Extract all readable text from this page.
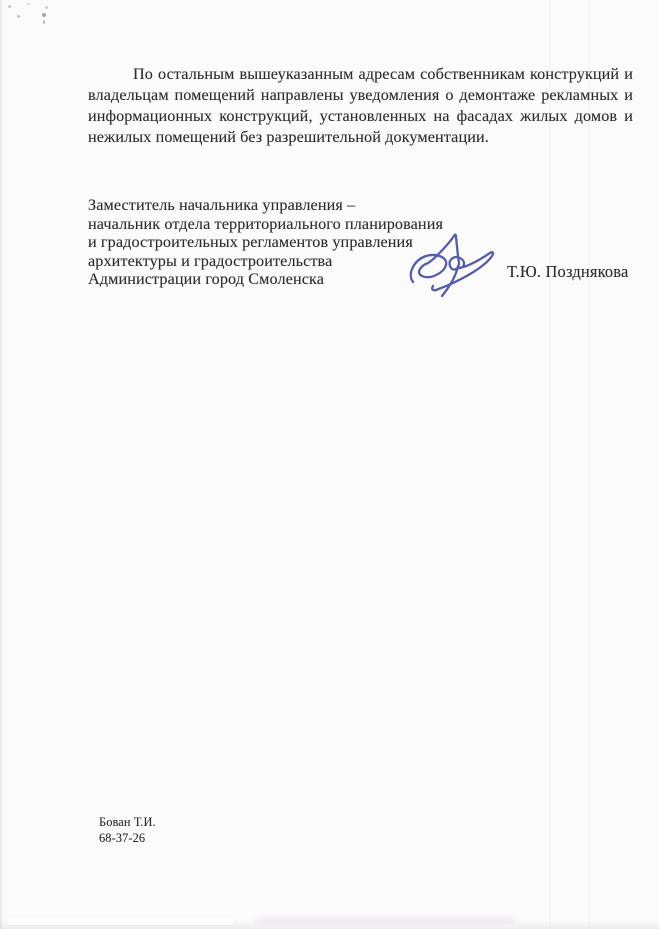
По остальным вышеуказанным адресам собственникам конструкций и
владельцам помещений направлены уведомления о демонтаже рекламных и
информационных конструкций, установленных на фасадах жилых домов и
нежилых помещений без разрешительной документации.
Заместитель начальника управления –
начальник отдела территориального планирования
и градостроительных регламентов управления
архитектуры и градостроительства
Администрации город Смоленска	Т.Ю. Позднякова
Бован Т.И.
68-37-26
